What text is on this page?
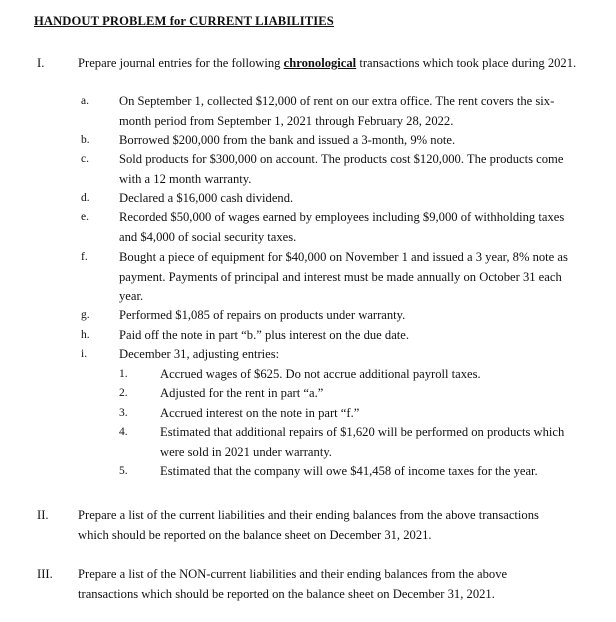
HANDOUT PROBLEM for CURRENT LIABILITIES
I.	Prepare journal entries for the following chronological transactions which took place during 2021.
a. On September 1, collected $12,000 of rent on our extra office. The rent covers the six-month period from September 1, 2021 through February 28, 2022.
b. Borrowed $200,000 from the bank and issued a 3-month, 9% note.
c. Sold products for $300,000 on account. The products cost $120,000. The products come with a 12 month warranty.
d. Declared a $16,000 cash dividend.
e. Recorded $50,000 of wages earned by employees including $9,000 of withholding taxes and $4,000 of social security taxes.
f. Bought a piece of equipment for $40,000 on November 1 and issued a 3 year, 8% note as payment. Payments of principal and interest must be made annually on October 31 each year.
g. Performed $1,085 of repairs on products under warranty.
h. Paid off the note in part “b.” plus interest on the due date.
i.	December 31, adjusting entries:
1.	Accrued wages of $625. Do not accrue additional payroll taxes.
2.	Adjusted for the rent in part “a.”
3.	Accrued interest on the note in part “f.”
4.	Estimated that additional repairs of $1,620 will be performed on products which were sold in 2021 under warranty.
5.	Estimated that the company will owe $41,458 of income taxes for the year.
II. Prepare a list of the current liabilities and their ending balances from the above transactions which should be reported on the balance sheet on December 31, 2021.
III. Prepare a list of the NON-current liabilities and their ending balances from the above transactions which should be reported on the balance sheet on December 31, 2021.
